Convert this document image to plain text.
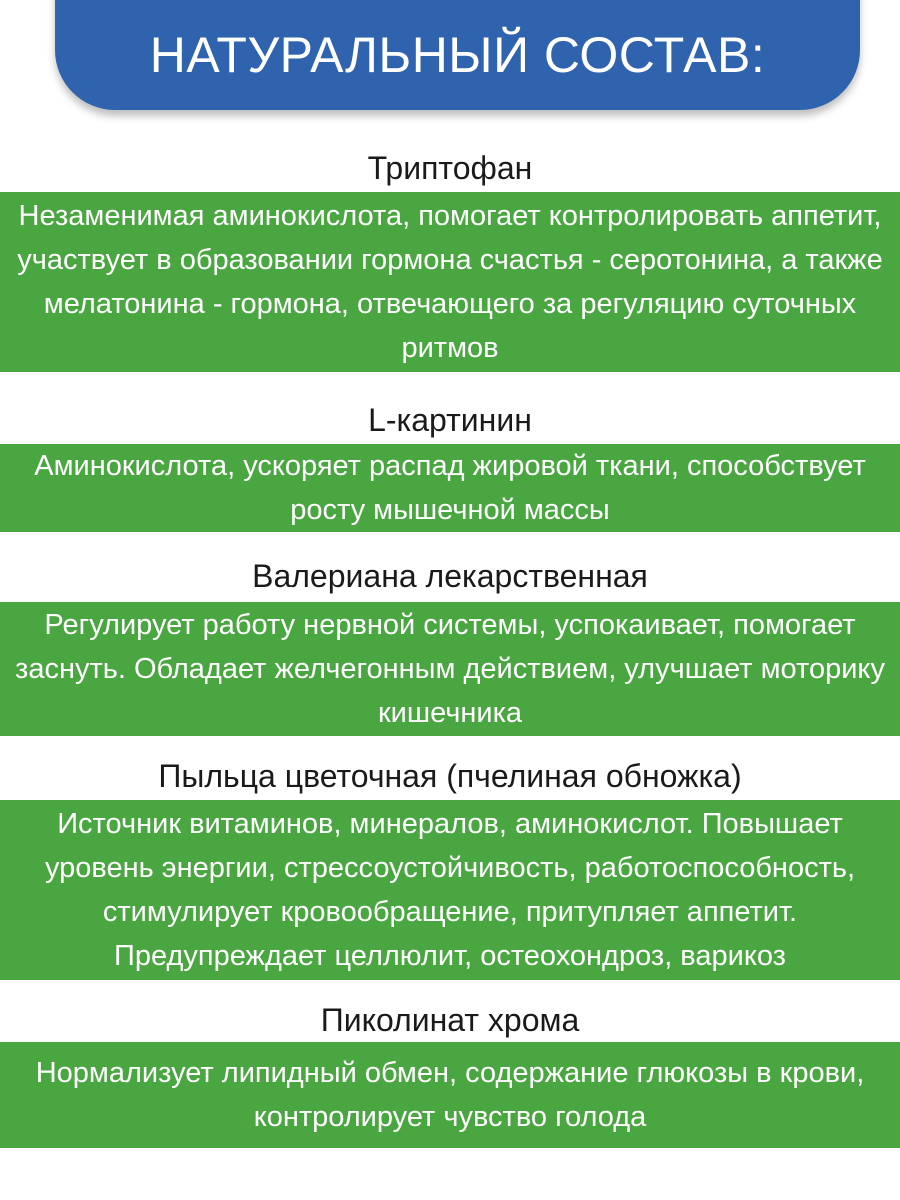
НАТУРАЛЬНЫЙ СОСТАВ:
Триптофан

Незаменимая аминокислота, помогает контролировать аппетит, участвует в образовании гормона счастья - серотонина, а также мелатонина - гормона, отвечающего за регуляцию суточных ритмов

L-картинин

Аминокислота, ускоряет распад жировой ткани, способствует росту мышечной массы

Валериана лекарственная

Регулирует работу нервной системы, успокаивает, помогает заснуть. Обладает желчегонным действием, улучшает моторику кишечника

Пыльца цветочная (пчелиная обножка)

Источник витаминов, минералов, аминокислот. Повышает уровень энергии, стрессоустойчивость, работоспособность, стимулирует кровообращение, притупляет аппетит. Предупреждает целлюлит, остеохондроз, варикоз

Пиколинат хрома

Нормализует липидный обмен, содержание глюкозы в крови, контролирует чувство голода
